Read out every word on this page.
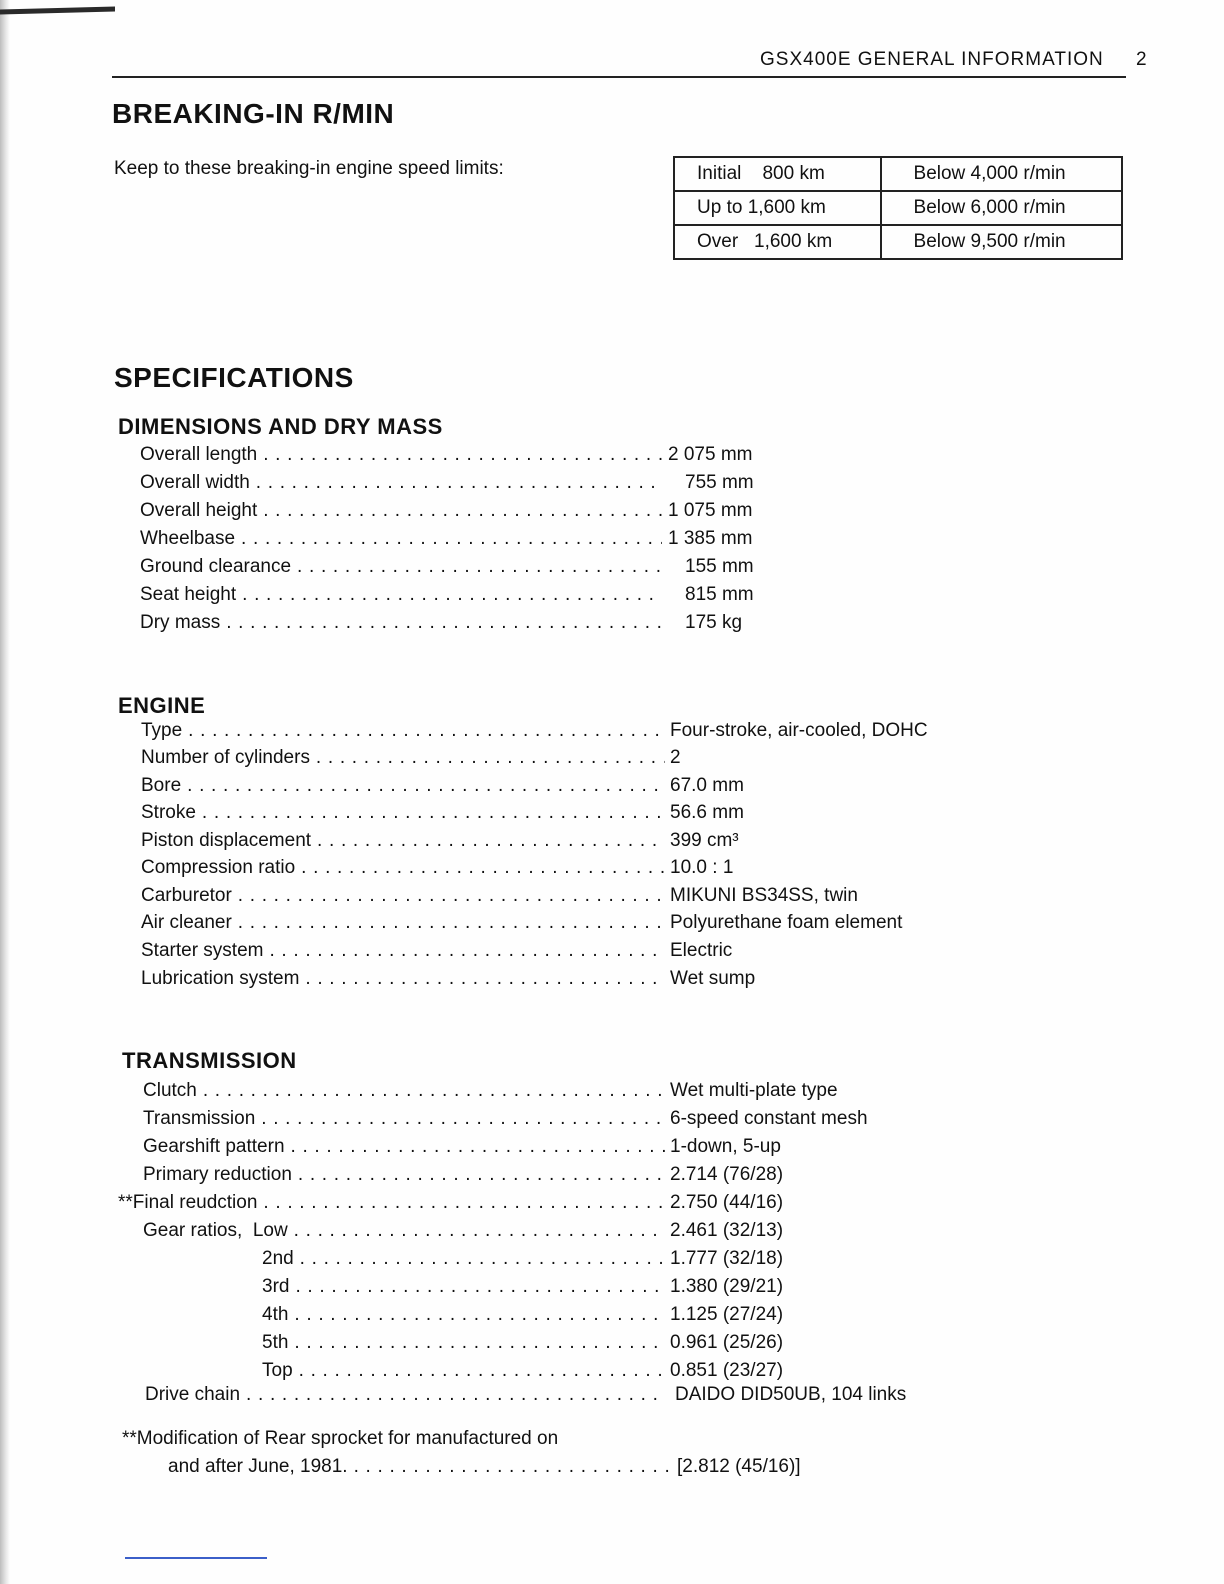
GSX400E GENERAL INFORMATION 2
BREAKING-IN R/MIN
Keep to these breaking-in engine speed limits:	Initial    800 km	Below 4,000 r/min
Up to 1,600 km	Below 6,000 r/min
Over   1,600 km	Below 9,500 r/min
SPECIFICATIONS
DIMENSIONS AND DRY MASS
Overall length . . .	2 075 mm
Overall width . . .	755 mm
Overall height . . .	1 075 mm
Wheelbase . . .	1 385 mm
Ground clearance . . .	155 mm
Seat height . . .	815 mm
Dry mass . . .	175 kg
ENGINE
Type . . .	Four-stroke, air-cooled, DOHC
Number of cylinders . . .	2
Bore . . .	67.0 mm
Stroke . . .	56.6 mm
Piston displacement . . .	399 cm³
Compression ratio . . .	10.0 : 1
Carburetor . . .	MIKUNI BS34SS, twin
Air cleaner . . .	Polyurethane foam element
Starter system . . .	Electric
Lubrication system . . .	Wet sump
TRANSMISSION
Clutch . . .	Wet multi-plate type
Transmission . . .	6-speed constant mesh
Gearshift pattern . . .	1-down, 5-up
Primary reduction . . .	2.714 (76/28)
**Final reudction . . .	2.750 (44/16)
Gear ratios,  Low . . .	2.461 (32/13)
2nd . . .	1.777 (32/18)
3rd . . .	1.380 (29/21)
4th . . .	1.125 (27/24)
5th . . .	0.961 (25/26)
Top . . .	0.851 (23/27)
Drive chain . . .	DAIDO DID50UB, 104 links
**Modification of Rear sprocket for manufactured on
and after June, 1981. . . .	[2.812 (45/16)]
